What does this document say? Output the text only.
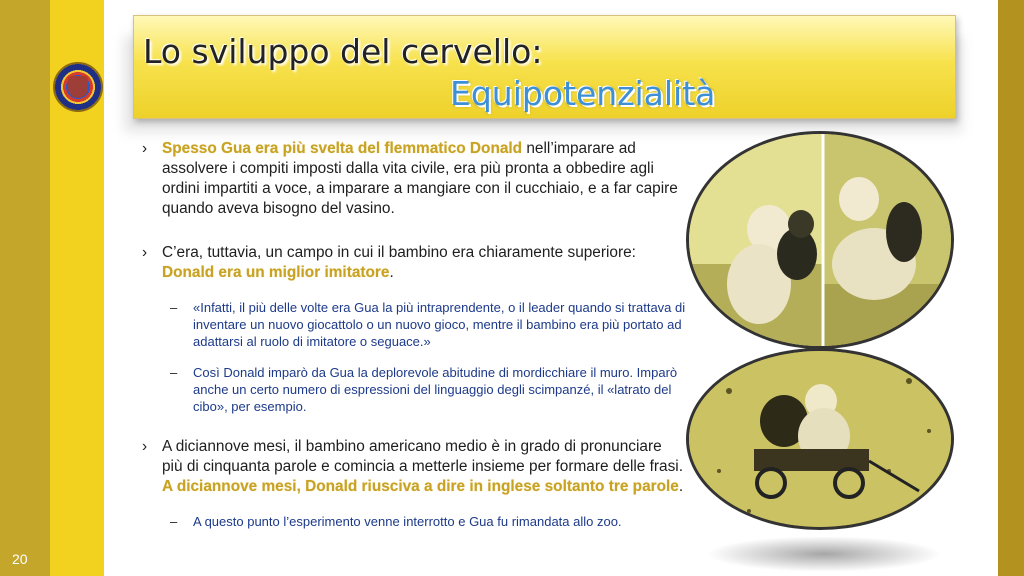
20
Lo sviluppo del cervello:
Equipotenzialità
› Spesso Gua era più svelta del flemmatico Donald nell’imparare ad assolvere i compiti imposti dalla vita civile, era più pronta a obbedire agli ordini impartiti a voce, a imparare a mangiare con il cucchiaio, e a far capire quando aveva bisogno del vasino.
› C’era, tuttavia, un campo in cui il bambino era chiaramente superiore: Donald era un miglior imitatore.
– «Infatti, il più delle volte era Gua la più intraprendente, o il leader quando si trattava di inventare un nuovo giocattolo o un nuovo gioco, mentre il bambino era più portato ad adattarsi al ruolo di imitatore o seguace.»
– Così Donald imparò da Gua la deplorevole abitudine di mordicchiare il muro. Imparò anche un certo numero di espressioni del linguaggio degli scimpanzé, il «latrato del cibo», per esempio.
› A diciannove mesi, il bambino americano medio è in grado di pronunciare più di cinquanta parole e comincia a metterle insieme per formare delle frasi. A diciannove mesi, Donald riusciva a dire in inglese soltanto tre parole.
– A questo punto l’esperimento venne interrotto e Gua fu rimandata allo zoo.
